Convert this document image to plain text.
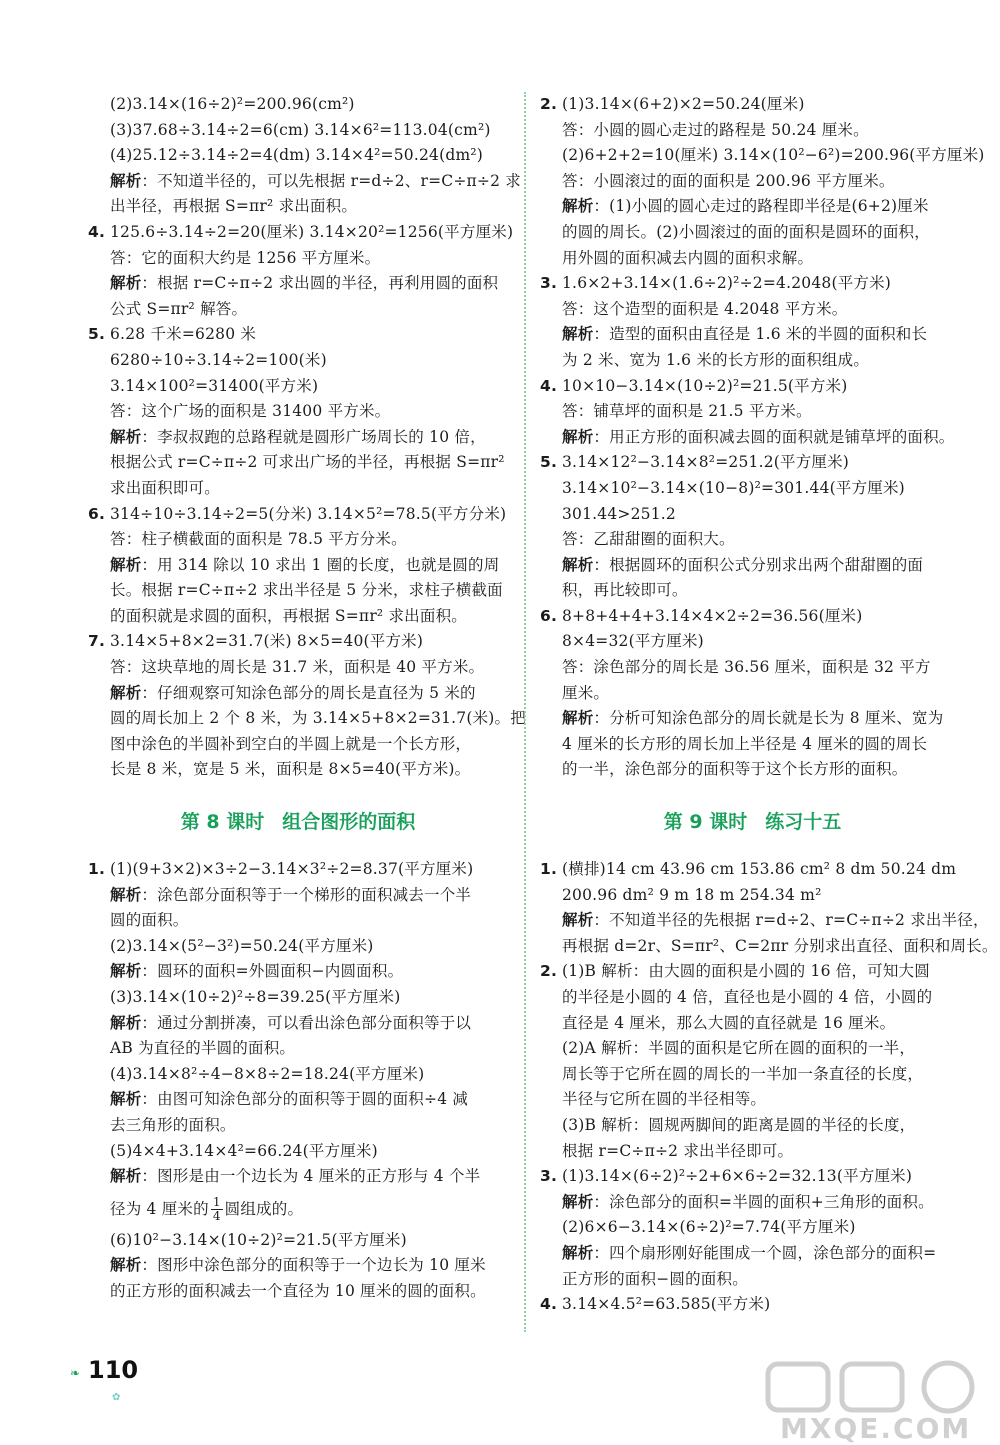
(2)3.14×(16÷2)²=200.96(cm²)
(3)37.68÷3.14÷2=6(cm) 3.14×6²=113.04(cm²)
(4)25.12÷3.14÷2=4(dm) 3.14×4²=50.24(dm²)
解析：不知道半径的，可以先根据 r=d÷2、r=C÷π÷2 求
出半径，再根据 S=πr² 求出面积。
4. 125.6÷3.14÷2=20(厘米) 3.14×20²=1256(平方厘米)
答：它的面积大约是 1256 平方厘米。
解析：根据 r=C÷π÷2 求出圆的半径，再利用圆的面积
公式 S=πr² 解答。
5. 6.28 千米=6280 米
6280÷10÷3.14÷2=100(米)
3.14×100²=31400(平方米)
答：这个广场的面积是 31400 平方米。
解析：李叔叔跑的总路程就是圆形广场周长的 10 倍，
根据公式 r=C÷π÷2 可求出广场的半径，再根据 S=πr²
求出面积即可。
6. 314÷10÷3.14÷2=5(分米) 3.14×5²=78.5(平方分米)
答：柱子横截面的面积是 78.5 平方分米。
解析：用 314 除以 10 求出 1 圈的长度，也就是圆的周
长。根据 r=C÷π÷2 求出半径是 5 分米，求柱子横截面
的面积就是求圆的面积，再根据 S=πr² 求出面积。
7. 3.14×5+8×2=31.7(米) 8×5=40(平方米)
答：这块草地的周长是 31.7 米，面积是 40 平方米。
解析：仔细观察可知涂色部分的周长是直径为 5 米的
圆的周长加上 2 个 8 米，为 3.14×5+8×2=31.7(米)。把
图中涂色的半圆补到空白的半圆上就是一个长方形，
长是 8 米，宽是 5 米，面积是 8×5=40(平方米)。
第 8 课时 组合图形的面积
1. (1)(9+3×2)×3÷2−3.14×3²÷2=8.37(平方厘米)
解析：涂色部分面积等于一个梯形的面积减去一个半
圆的面积。
(2)3.14×(5²−3²)=50.24(平方厘米)
解析：圆环的面积=外圆面积−内圆面积。
(3)3.14×(10÷2)²÷8=39.25(平方厘米)
解析：通过分割拼凑，可以看出涂色部分面积等于以
AB 为直径的半圆的面积。
(4)3.14×8²÷4−8×8÷2=18.24(平方厘米)
解析：由图可知涂色部分的面积等于圆的面积÷4 减
去三角形的面积。
(5)4×4+3.14×4²=66.24(平方厘米)
解析：图形是由一个边长为 4 厘米的正方形与 4 个半
径为 4 厘米的 $\frac{1}{4}$ 圆组成的。
(6)10²−3.14×(10÷2)²=21.5(平方厘米)
解析：图形中涂色部分的面积等于一个边长为 10 厘米
的正方形的面积减去一个直径为 10 厘米的圆的面积。
2. (1)3.14×(6+2)×2=50.24(厘米)
答：小圆的圆心走过的路程是 50.24 厘米。
(2)6+2+2=10(厘米) 3.14×(10²−6²)=200.96(平方厘米)
答：小圆滚过的面的面积是 200.96 平方厘米。
解析：(1)小圆的圆心走过的路程即半径是(6+2)厘米
的圆的周长。(2)小圆滚过的面的面积是圆环的面积，
用外圆的面积减去内圆的面积求解。
3. 1.6×2+3.14×(1.6÷2)²÷2=4.2048(平方米)
答：这个造型的面积是 4.2048 平方米。
解析：造型的面积由直径是 1.6 米的半圆的面积和长
为 2 米、宽为 1.6 米的长方形的面积组成。
4. 10×10−3.14×(10÷2)²=21.5(平方米)
答：铺草坪的面积是 21.5 平方米。
解析：用正方形的面积减去圆的面积就是铺草坪的面积。
5. 3.14×12²−3.14×8²=251.2(平方厘米)
3.14×10²−3.14×(10−8)²=301.44(平方厘米)
301.44>251.2
答：乙甜甜圈的面积大。
解析：根据圆环的面积公式分别求出两个甜甜圈的面
积，再比较即可。
6. 8+8+4+4+3.14×4×2÷2=36.56(厘米)
8×4=32(平方厘米)
答：涂色部分的周长是 36.56 厘米，面积是 32 平方
厘米。
解析：分析可知涂色部分的周长就是长为 8 厘米、宽为
4 厘米的长方形的周长加上半径是 4 厘米的圆的周长
的一半，涂色部分的面积等于这个长方形的面积。
第 9 课时 练习十五
1. (横排)14 cm 43.96 cm 153.86 cm² 8 dm 50.24 dm
200.96 dm² 9 m 18 m 254.34 m²
解析：不知道半径的先根据 r=d÷2、r=C÷π÷2 求出半径，
再根据 d=2r、S=πr²、C=2πr 分别求出直径、面积和周长。
2. (1)B 解析：由大圆的面积是小圆的 16 倍，可知大圆
的半径是小圆的 4 倍，直径也是小圆的 4 倍，小圆的
直径是 4 厘米，那么大圆的直径就是 16 厘米。
(2)A 解析：半圆的面积是它所在圆的面积的一半，
周长等于它所在圆的周长的一半加一条直径的长度，
半径与它所在圆的半径相等。
(3)B 解析：圆规两脚间的距离是圆的半径的长度，
根据 r=C÷π÷2 求出半径即可。
3. (1)3.14×(6÷2)²÷2+6×6÷2=32.13(平方厘米)
解析：涂色部分的面积=半圆的面积+三角形的面积。
(2)6×6−3.14×(6÷2)²=7.74(平方厘米)
解析：四个扇形刚好能围成一个圆，涂色部分的面积=
正方形的面积−圆的面积。
4. 3.14×4.5²=63.585(平方米)
❧ 110
✿
MXQE.COM
